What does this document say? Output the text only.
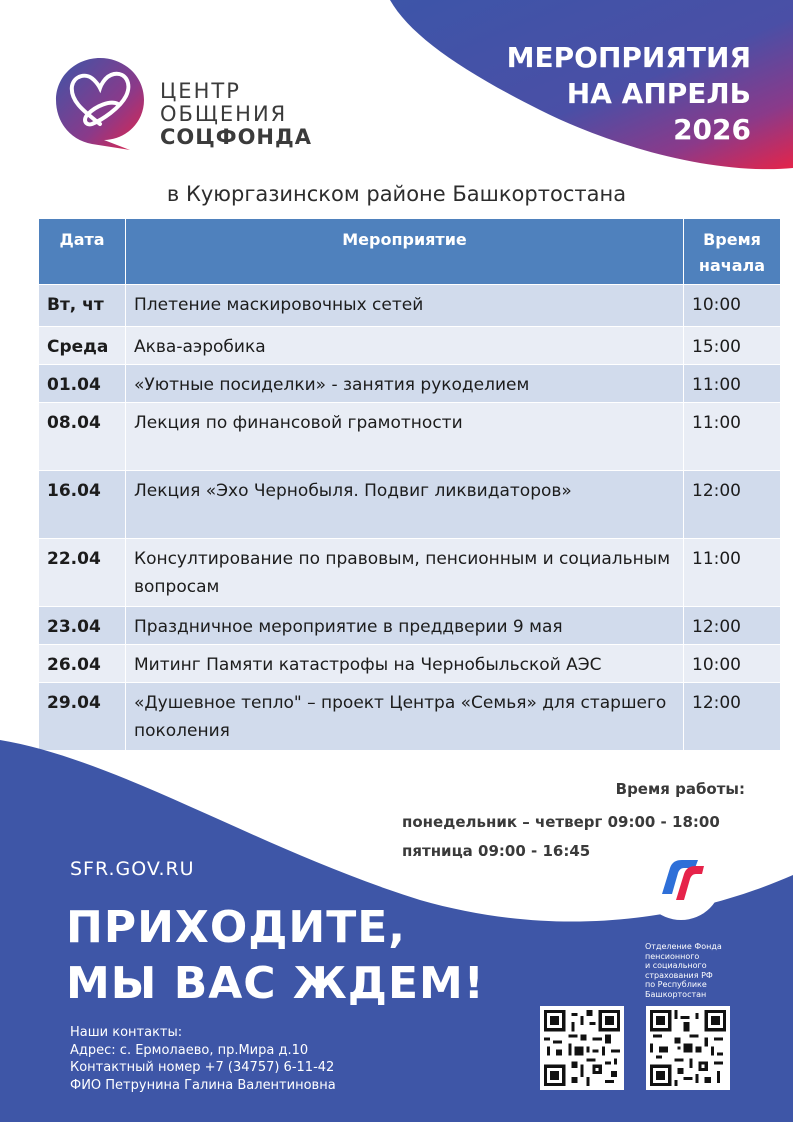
ЦЕНТР
ОБЩЕНИЯ
СОЦФОНДА
МЕРОПРИЯТИЯ
НА АПРЕЛЬ
2026
в Куюргазинском районе Башкортостана
Дата	Мероприятие	Время начала
Вт, чт	Плетение маскировочных сетей	10:00
Среда	Аква-аэробика	15:00
01.04	«Уютные посиделки» - занятия рукоделием	11:00
08.04	Лекция по финансовой грамотности	11:00
16.04	Лекция «Эхо Чернобыля. Подвиг ликвидаторов»	12:00
22.04	Консултирование по правовым, пенсионным и социальным вопросам	11:00
23.04	Праздничное мероприятие в преддверии 9 мая	12:00
26.04	Митинг Памяти катастрофы на Чернобыльской АЭС	10:00
29.04	«Душевное тепло" – проект Центра «Семья» для старшего поколения	12:00
Время работы:
понедельник – четверг 09:00 - 18:00
пятница 09:00 - 16:45
SFR.GOV.RU
ПРИХОДИТЕ,
МЫ ВАС ЖДЕМ!
Наши контакты:
Адрес: с. Ермолаево, пр.Мира д.10
Контактный номер +7 (34757) 6-11-42
ФИО Петрунина Галина Валентиновна
Отделение Фонда
пенсионного
и социального
страхования РФ
по Республике
Башкортостан
